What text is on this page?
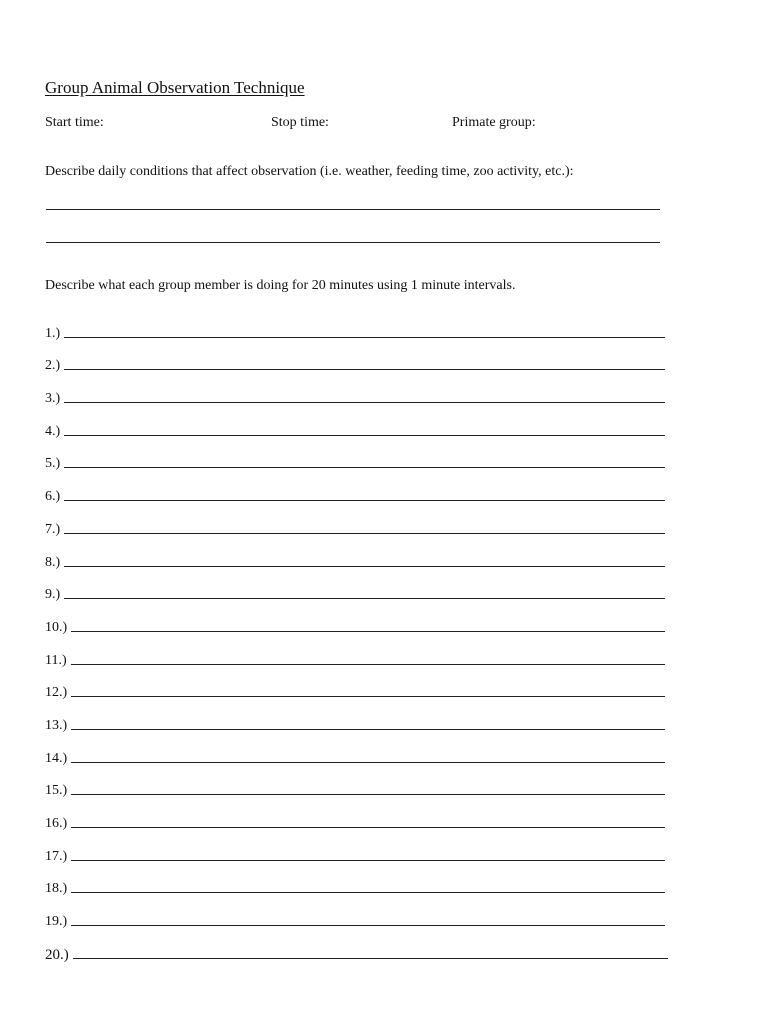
Group Animal Observation Technique
Start time:	Stop time:	Primate group:
Describe daily conditions that affect observation (i.e. weather, feeding time, zoo activity, etc.):
Describe what each group member is doing for 20 minutes using 1 minute intervals.
1.)
2.)
3.)
4.)
5.)
6.)
7.)
8.)
9.)
10.)
11.)
12.)
13.)
14.)
15.)
16.)
17.)
18.)
19.)
20.)
